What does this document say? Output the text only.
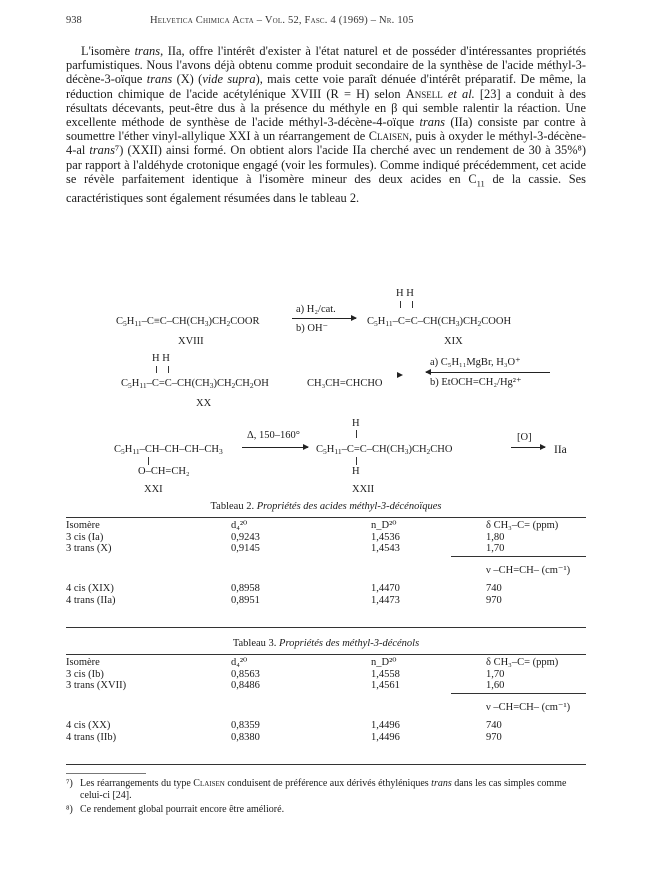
938	Helvetica Chimica Acta – Vol. 52, Fasc. 4 (1969) – Nr. 105

L'isomère trans, IIa, offre l'intérêt d'exister à l'état naturel et de posséder d'intéressantes propriétés parfumistiques. Nous l'avons déjà obtenu comme produit secondaire de la synthèse de l'acide méthyl-3-décène-3-oïque trans (X) (vide supra), mais cette voie paraît dénuée d'intérêt préparatif. De même, la réduction chimique de l'acide acétylénique XVIII (R = H) selon Ansell et al. [23] a conduit à des résultats décevants, peut-être dus à la présence du méthyle en β qui semble ralentir la réaction. Une excellente méthode de synthèse de l'acide méthyl-3-décène-4-oïque trans (IIa) consiste par contre à soumettre l'éther vinyl-allylique XXI à un réarrangement de Claisen, puis à oxyder le méthyl-3-décène-4-al trans⁷) (XXII) ainsi formé. On obtient alors l'acide IIa cherché avec un rendement de 30 à 35%⁸) par rapport à l'aldéhyde crotonique engagé (voir les formules). Comme indiqué précédemment, cet acide se révèle parfaitement identique à l'isomère mineur des deux acides en $C_{11}$ de la cassie. Ses caractéristiques sont également résumées dans le tableau 2.

$C_5H_{11}-C\equiv C-CH(CH_3)CH_2COOR$
a) H₂/cat.
b) OH⁻
H H
$C_5H_{11}-C=C-CH(CH_3)CH_2COOH$
XVIII	XIX
H H
$C_5H_{11}-C=C-CH(CH_3)CH_2CH_2OH$	CH₃CH=CHCHO
a) C₅H₁₁MgBr, H₃O⁺
b) EtOCH=CH₂/Hg²⁺
XX
H
$C_5H_{11}-CH-CH-CH-CH_3$
O–CH=CH₂
Δ, 150–160°
$C_5H_{11}-C=C-CH(CH_3)CH_2CHO$
H
[O]
→ IIa
XXI	XXII
Tableau 2. Propriétés des acides méthyl-3-décénoïques
Isomère	d₄²⁰	n_D²⁰	δ CH₃–C= (ppm)
3 cis (Ia)	0,9243	1,4536	1,80
3 trans (X)	0,9145	1,4543	1,70
			ν –CH=CH– (cm⁻¹)
4 cis (XIX)	0,8958	1,4470	740
4 trans (IIa)	0,8951	1,4473	970
Tableau 3. Propriétés des méthyl-3-décénols
Isomère	d₄²⁰	n_D²⁰	δ CH₃–C= (ppm)
3 cis (Ib)	0,8563	1,4558	1,70
3 trans (XVII)	0,8486	1,4561	1,60
			ν –CH=CH– (cm⁻¹)
4 cis (XX)	0,8359	1,4496	740
4 trans (IIb)	0,8380	1,4496	970
⁷) Les réarrangements du type Claisen conduisent de préférence aux dérivés éthyléniques trans dans les cas simples comme celui-ci [24].
⁸) Ce rendement global pourrait encore être amélioré.
